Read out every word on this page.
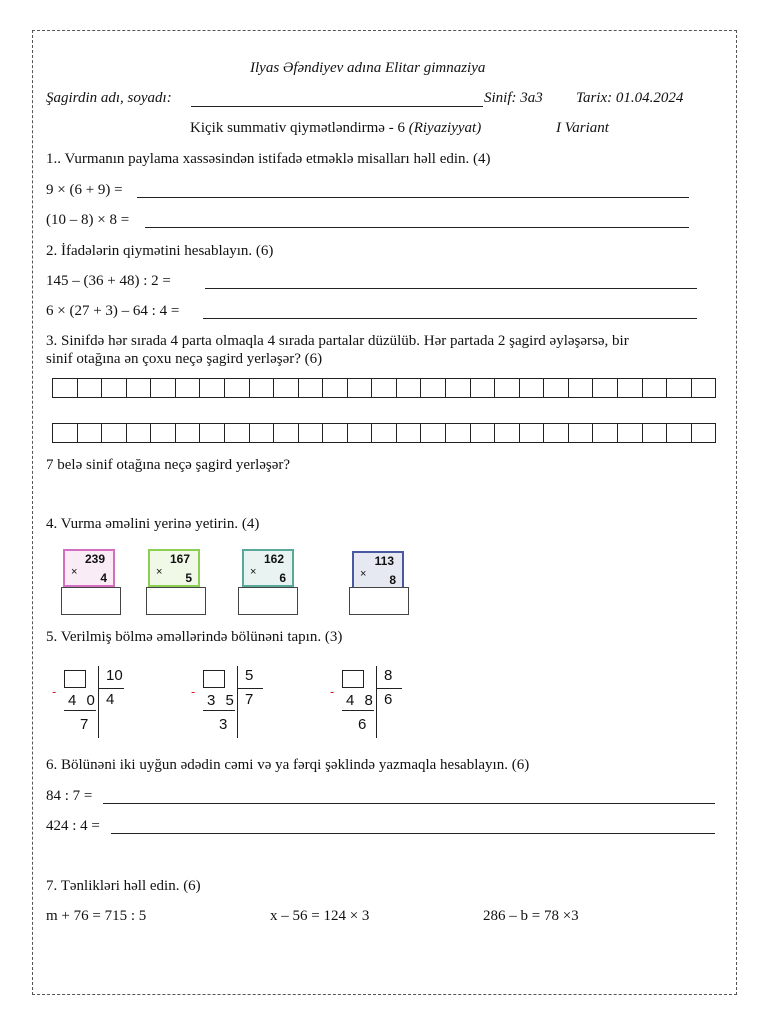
Ilyas Əfəndiyev adına Elitar gimnaziya
Şagirdin adı, soyadı:	Sinif: 3a3 Tarix: 01.04.2024
Kiçik summativ qiymətləndirmə - 6 (Riyaziyyat)	I Variant
1.. Vurmanın paylama xassəsindən istifadə etməklə misalları həll edin. (4)
9 × (6 + 9) =
(10 – 8) × 8 =
2. İfadələrin qiymətini hesablayın. (6)
145 – (36 + 48) : 2 =
6 × (27 + 3) – 64 : 4 =
3. Sinifdə hər sırada 4 parta olmaqla 4 sırada partalar düzülüb. Hər partada 2 şagird əyləşərsə, bir
sinif otağına ən çoxu neçə şagird yerləşər? (6)
7 belə sinif otağına neçə şagird yerləşər?
4. Vurma əməlini yerinə yetirin. (4)
239
× 4
167
× 5
162
× 6
113
× 8
5. Verilmiş bölmə əməllərində bölünəni tapın. (3)
-
10
4
4 0
7
-
5
7
3 5
3
-
8
6
4 8
6
6. Bölünəni iki uyğun ədədin cəmi və ya fərqi şəklində yazmaqla hesablayın. (6)
84 : 7 =
424 : 4 =
7. Tənlikləri həll edin. (6)
m + 76 = 715 : 5	x – 56 = 124 × 3	286 – b = 78 ×3
